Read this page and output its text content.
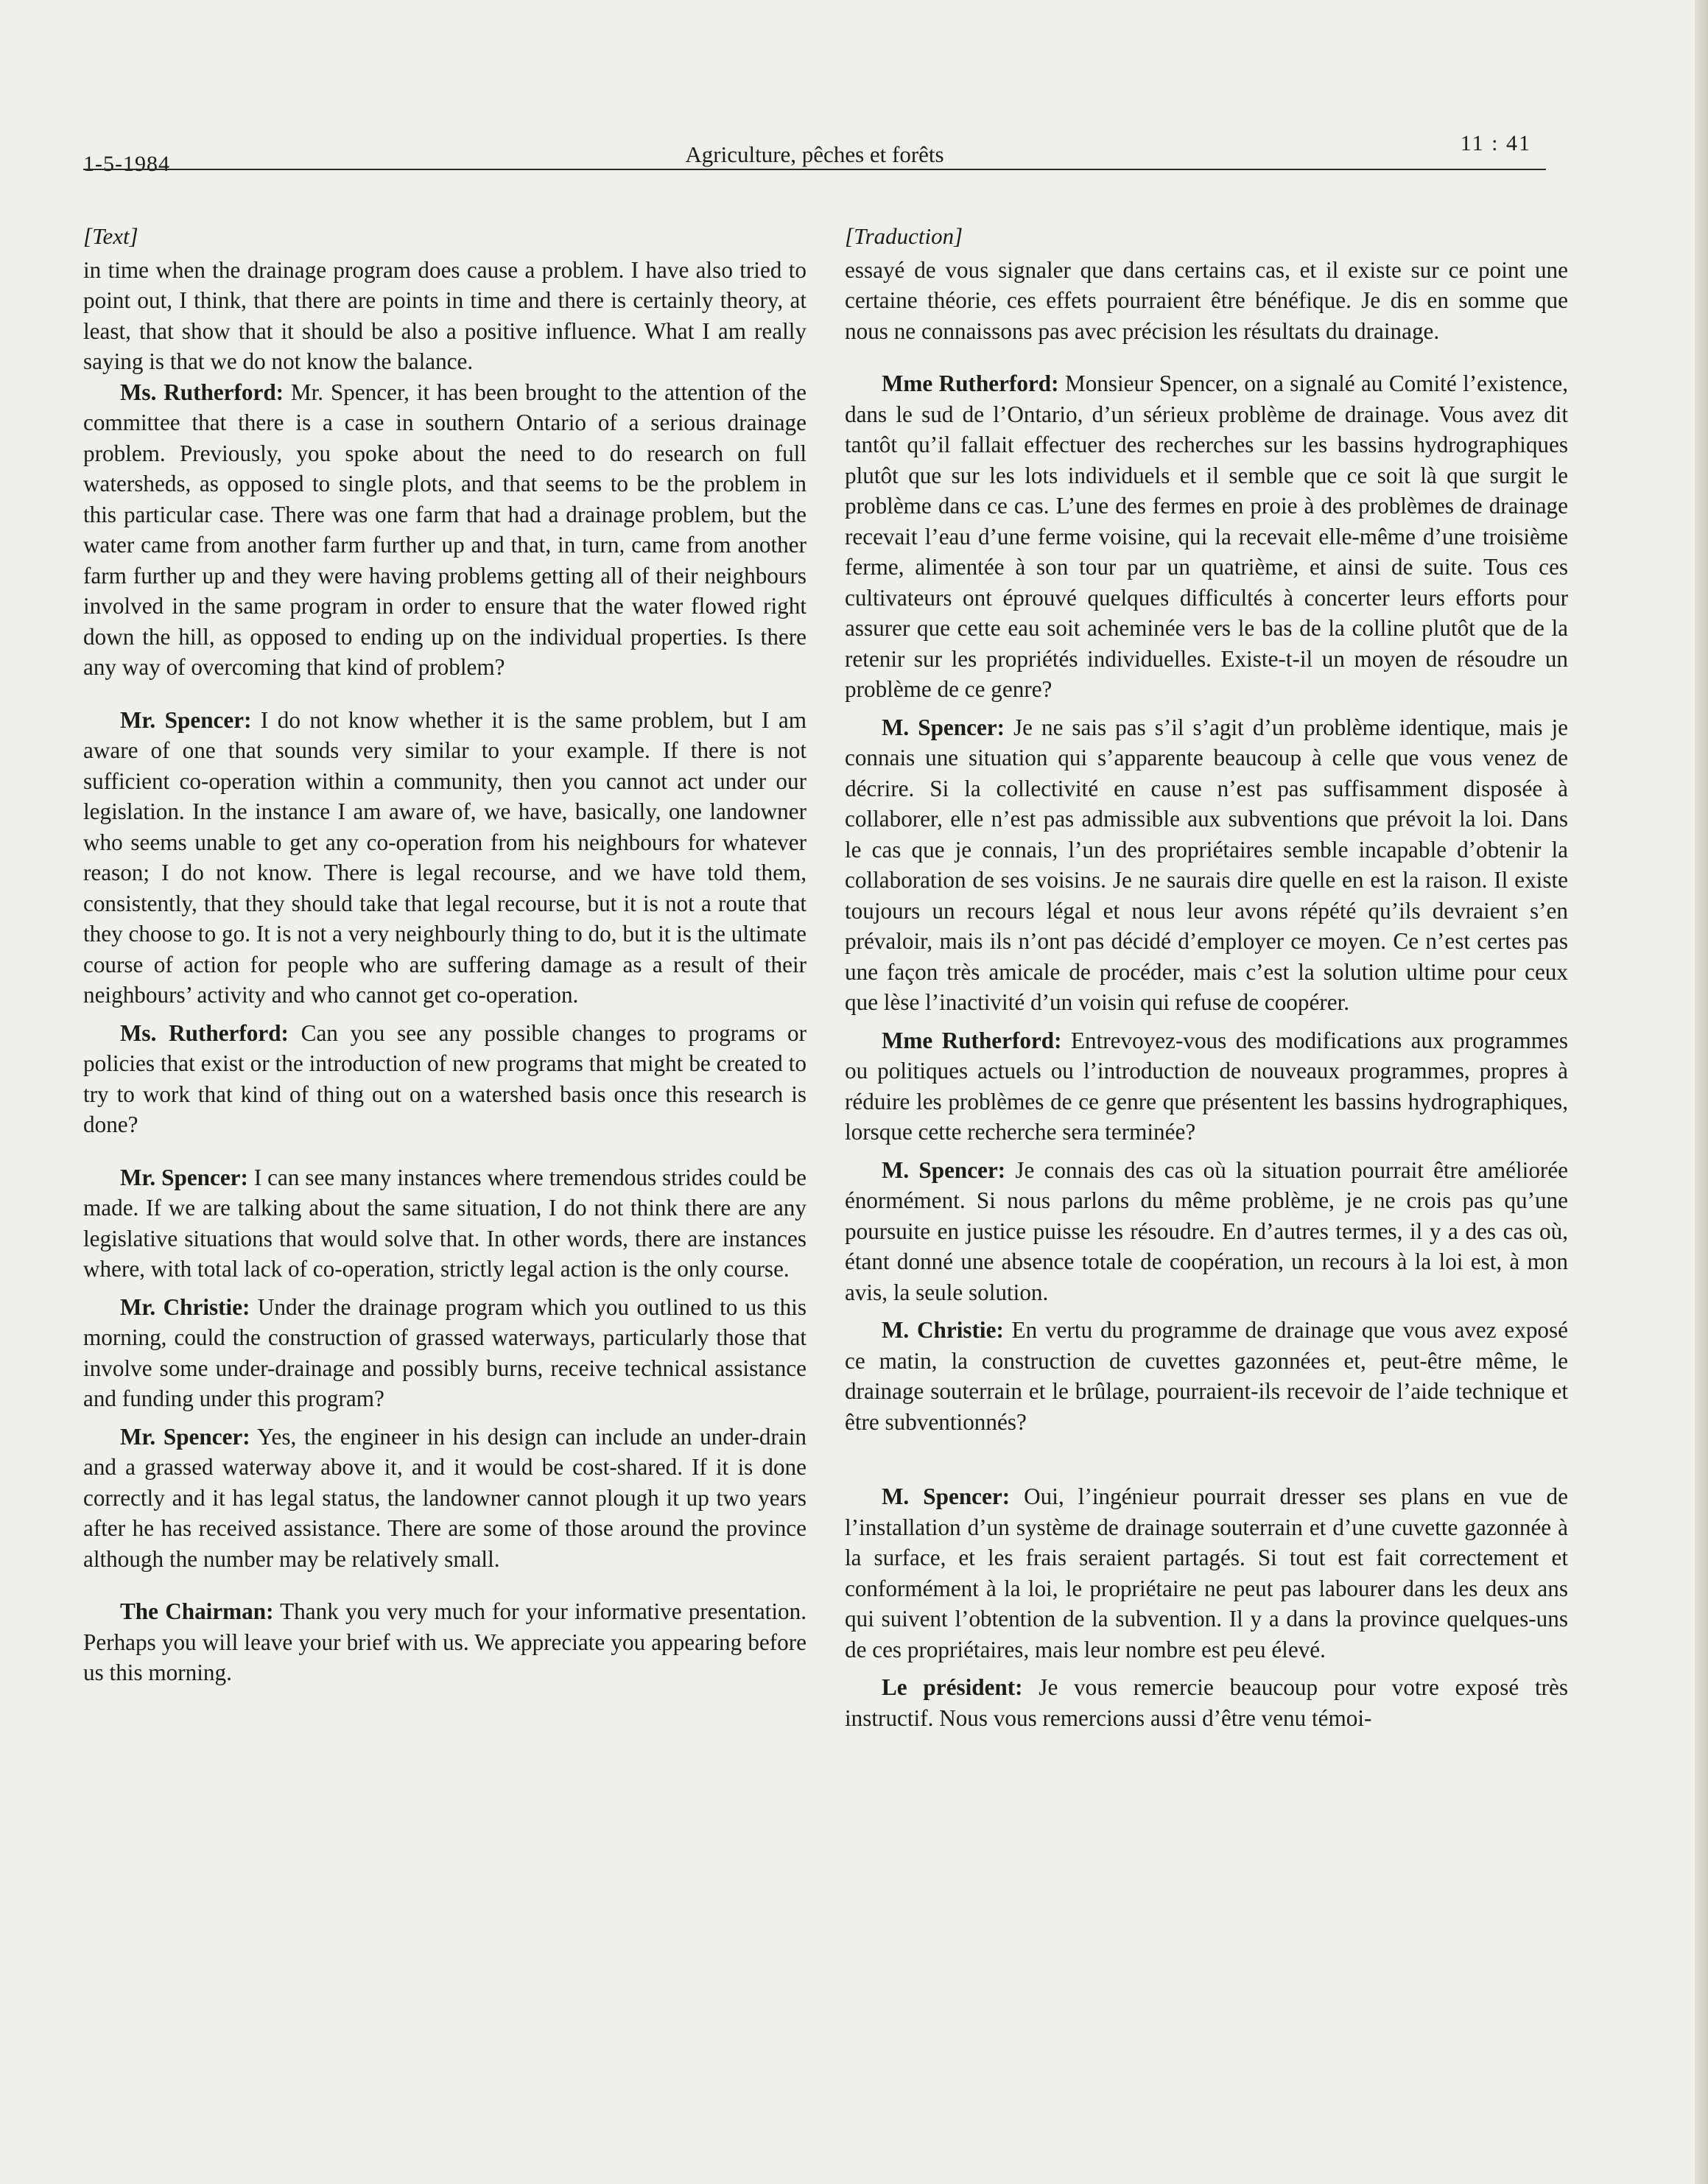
1-5-1984	Agriculture, pêches et forêts	11 : 41
[Text]

in time when the drainage program does cause a problem. I have also tried to point out, I think, that there are points in time and there is certainly theory, at least, that show that it should be also a positive influence. What I am really saying is that we do not know the balance.

Ms. Rutherford: Mr. Spencer, it has been brought to the attention of the committee that there is a case in southern Ontario of a serious drainage problem. Previously, you spoke about the need to do research on full watersheds, as opposed to single plots, and that seems to be the problem in this particular case. There was one farm that had a drainage problem, but the water came from another farm further up and that, in turn, came from another farm further up and they were having problems getting all of their neighbours involved in the same program in order to ensure that the water flowed right down the hill, as opposed to ending up on the individual properties. Is there any way of overcoming that kind of problem?

Mr. Spencer: I do not know whether it is the same problem, but I am aware of one that sounds very similar to your example. If there is not sufficient co-operation within a community, then you cannot act under our legislation. In the instance I am aware of, we have, basically, one landowner who seems unable to get any co-operation from his neighbours for whatever reason; I do not know. There is legal recourse, and we have told them, consistently, that they should take that legal recourse, but it is not a route that they choose to go. It is not a very neighbourly thing to do, but it is the ultimate course of action for people who are suffering damage as a result of their neighbours’ activity and who cannot get co-operation.

Ms. Rutherford: Can you see any possible changes to programs or policies that exist or the introduction of new programs that might be created to try to work that kind of thing out on a watershed basis once this research is done?

Mr. Spencer: I can see many instances where tremendous strides could be made. If we are talking about the same situation, I do not think there are any legislative situations that would solve that. In other words, there are instances where, with total lack of co-operation, strictly legal action is the only course.

Mr. Christie: Under the drainage program which you outlined to us this morning, could the construction of grassed waterways, particularly those that involve some under-drainage and possibly burns, receive technical assistance and funding under this program?

Mr. Spencer: Yes, the engineer in his design can include an under-drain and a grassed waterway above it, and it would be cost-shared. If it is done correctly and it has legal status, the landowner cannot plough it up two years after he has received assistance. There are some of those around the province although the number may be relatively small.

The Chairman: Thank you very much for your informative presentation. Perhaps you will leave your brief with us. We appreciate you appearing before us this morning.

[Traduction]

essayé de vous signaler que dans certains cas, et il existe sur ce point une certaine théorie, ces effets pourraient être bénéfique. Je dis en somme que nous ne connaissons pas avec précision les résultats du drainage.

Mme Rutherford: Monsieur Spencer, on a signalé au Comité l’existence, dans le sud de l’Ontario, d’un sérieux problème de drainage. Vous avez dit tantôt qu’il fallait effectuer des recherches sur les bassins hydrographiques plutôt que sur les lots individuels et il semble que ce soit là que surgit le problème dans ce cas. L’une des fermes en proie à des problèmes de drainage recevait l’eau d’une ferme voisine, qui la recevait elle-même d’une troisième ferme, alimentée à son tour par un quatrième, et ainsi de suite. Tous ces cultivateurs ont éprouvé quelques difficultés à concerter leurs efforts pour assurer que cette eau soit acheminée vers le bas de la colline plutôt que de la retenir sur les propriétés individuelles. Existe-t-il un moyen de résoudre un problème de ce genre?

M. Spencer: Je ne sais pas s’il s’agit d’un problème identique, mais je connais une situation qui s’apparente beaucoup à celle que vous venez de décrire. Si la collectivité en cause n’est pas suffisamment disposée à collaborer, elle n’est pas admissible aux subventions que prévoit la loi. Dans le cas que je connais, l’un des propriétaires semble incapable d’obtenir la collaboration de ses voisins. Je ne saurais dire quelle en est la raison. Il existe toujours un recours légal et nous leur avons répété qu’ils devraient s’en prévaloir, mais ils n’ont pas décidé d’employer ce moyen. Ce n’est certes pas une façon très amicale de procéder, mais c’est la solution ultime pour ceux que lèse l’inactivité d’un voisin qui refuse de coopérer.

Mme Rutherford: Entrevoyez-vous des modifications aux programmes ou politiques actuels ou l’introduction de nouveaux programmes, propres à réduire les problèmes de ce genre que présentent les bassins hydrographiques, lorsque cette recherche sera terminée?

M. Spencer: Je connais des cas où la situation pourrait être améliorée énormément. Si nous parlons du même problème, je ne crois pas qu’une poursuite en justice puisse les résoudre. En d’autres termes, il y a des cas où, étant donné une absence totale de coopération, un recours à la loi est, à mon avis, la seule solution.

M. Christie: En vertu du programme de drainage que vous avez exposé ce matin, la construction de cuvettes gazonnées et, peut-être même, le drainage souterrain et le brûlage, pourraient-ils recevoir de l’aide technique et être subventionnés?

M. Spencer: Oui, l’ingénieur pourrait dresser ses plans en vue de l’installation d’un système de drainage souterrain et d’une cuvette gazonnée à la surface, et les frais seraient partagés. Si tout est fait correctement et conformément à la loi, le propriétaire ne peut pas labourer dans les deux ans qui suivent l’obtention de la subvention. Il y a dans la province quelques-uns de ces propriétaires, mais leur nombre est peu élevé.

Le président: Je vous remercie beaucoup pour votre exposé très instructif. Nous vous remercions aussi d’être venu témoi-
